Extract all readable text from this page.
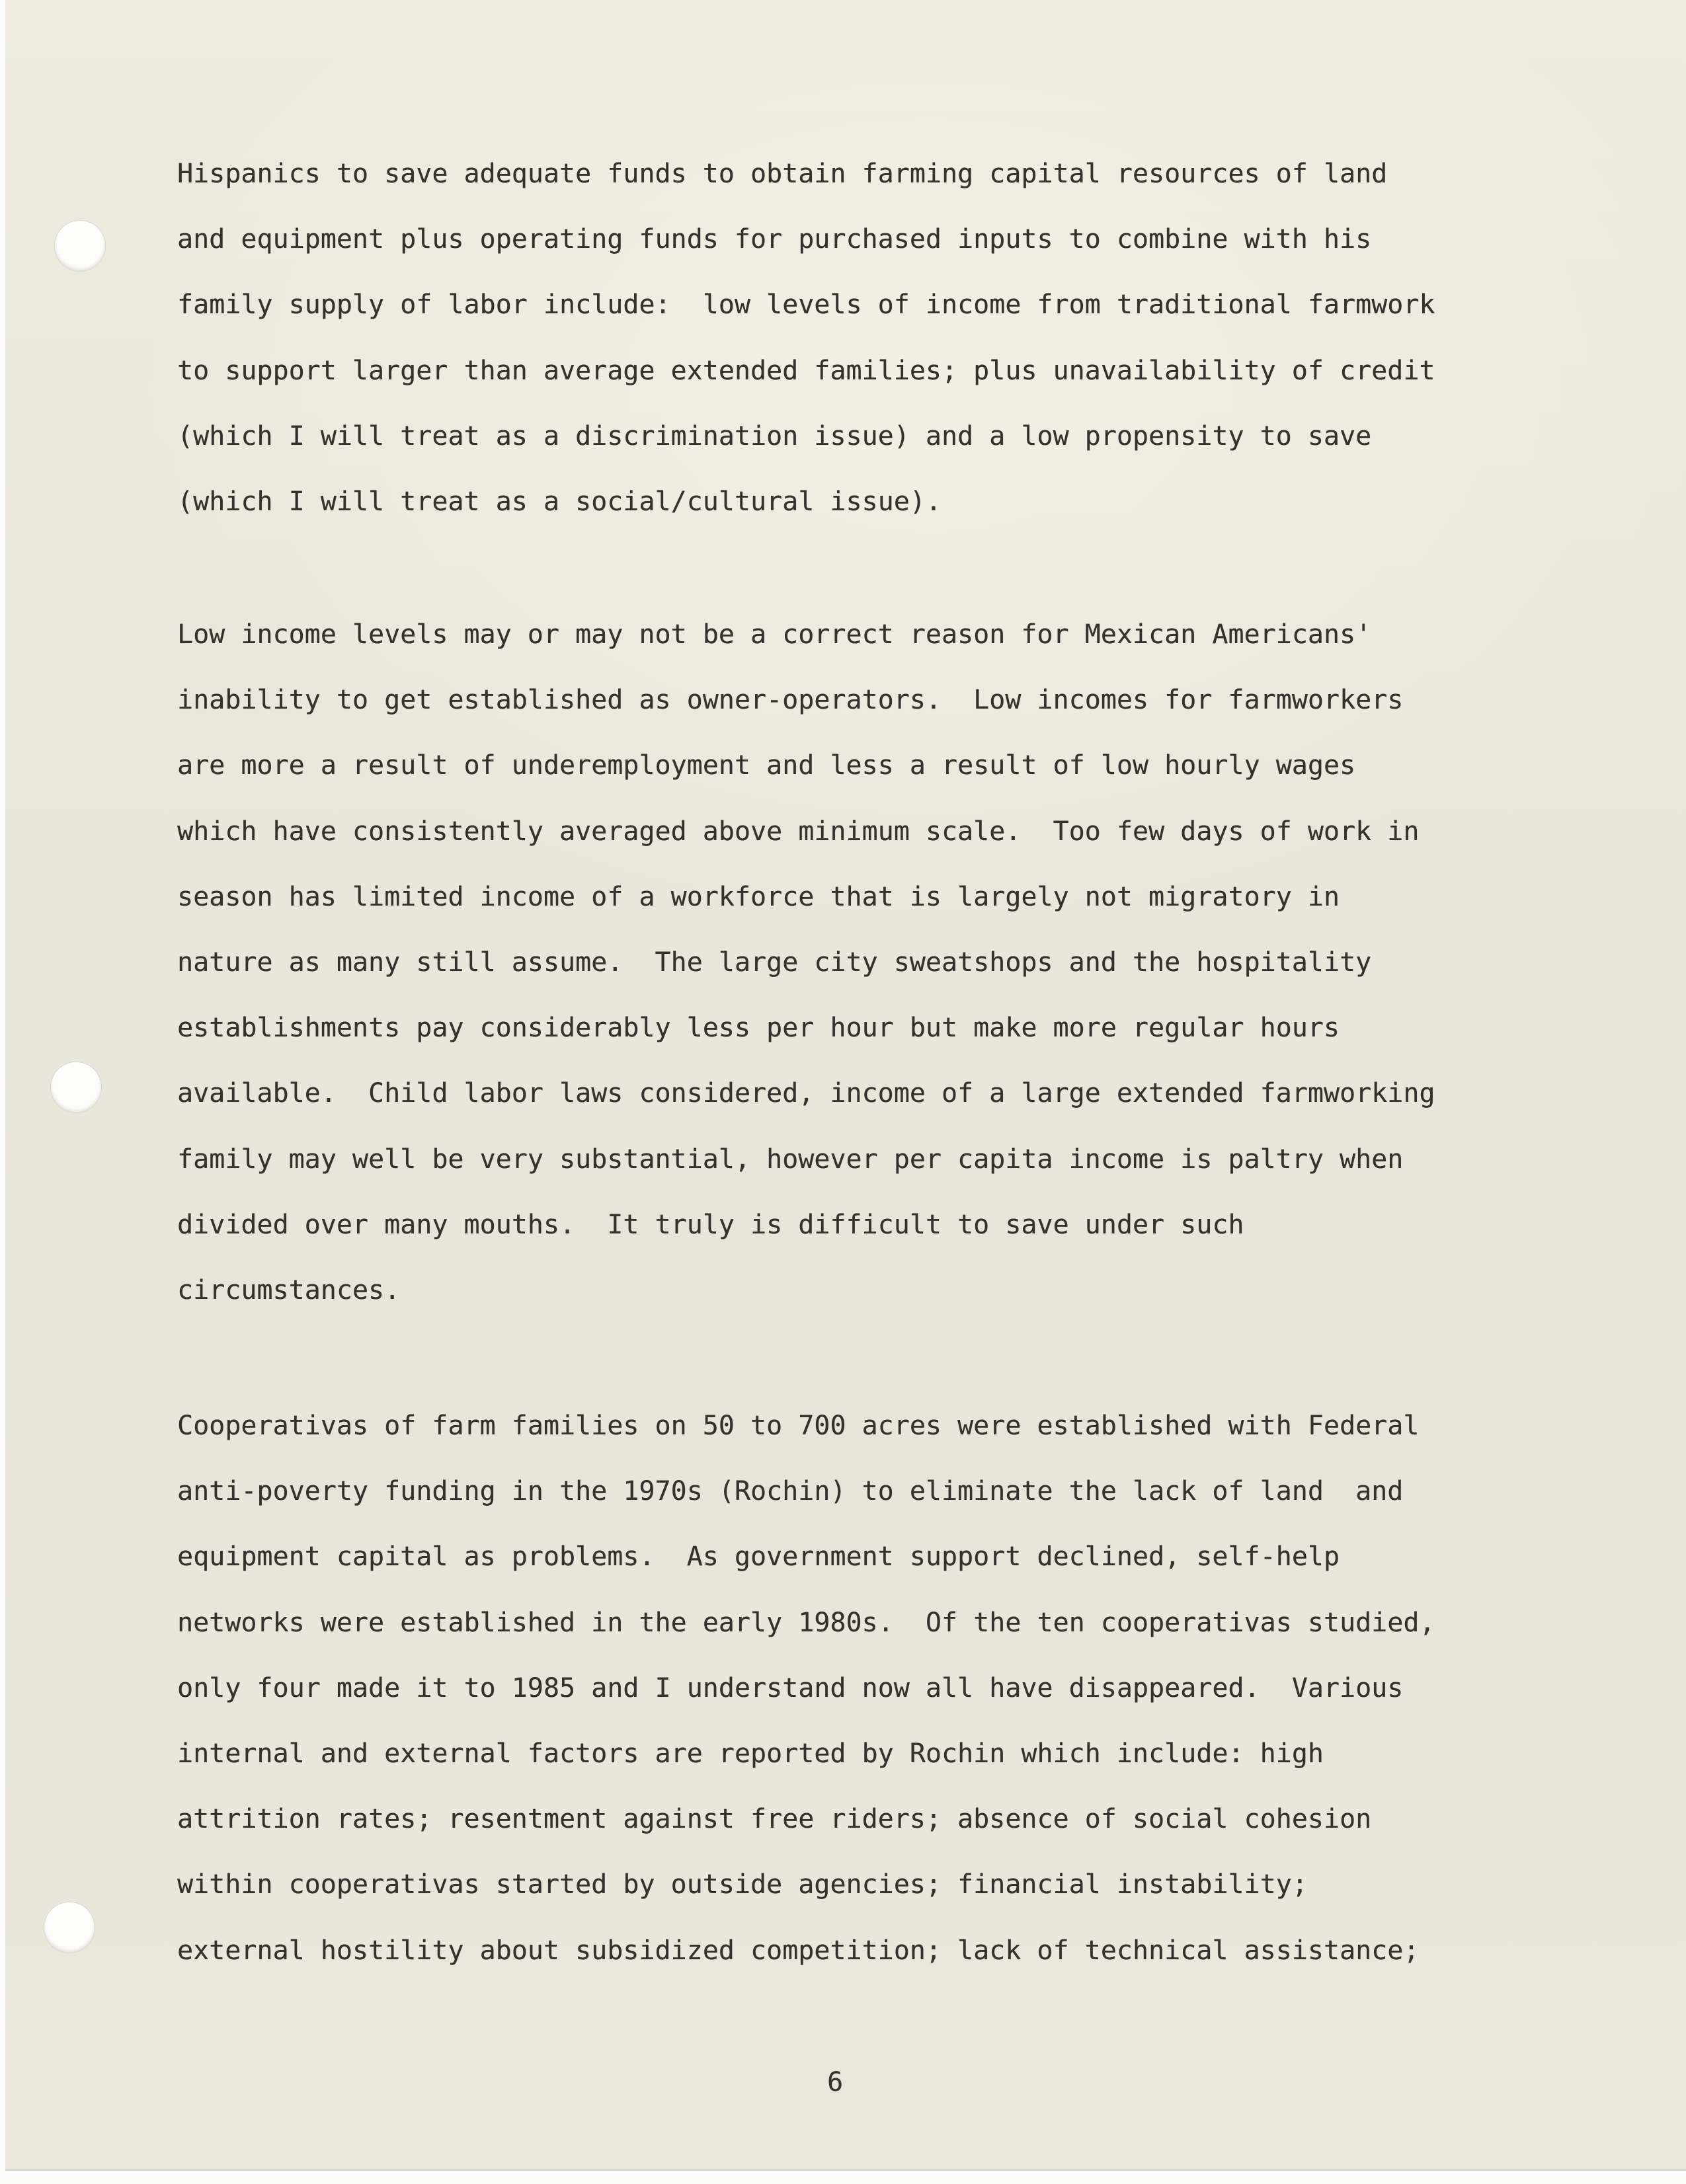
Hispanics to save adequate funds to obtain farming capital resources of land
and equipment plus operating funds for purchased inputs to combine with his
family supply of labor include:  low levels of income from traditional farmwork
to support larger than average extended families; plus unavailability of credit
(which I will treat as a discrimination issue) and a low propensity to save
(which I will treat as a social/cultural issue).
Low income levels may or may not be a correct reason for Mexican Americans'
inability to get established as owner-operators.  Low incomes for farmworkers
are more a result of underemployment and less a result of low hourly wages
which have consistently averaged above minimum scale.  Too few days of work in
season has limited income of a workforce that is largely not migratory in
nature as many still assume.  The large city sweatshops and the hospitality
establishments pay considerably less per hour but make more regular hours
available.  Child labor laws considered, income of a large extended farmworking
family may well be very substantial, however per capita income is paltry when
divided over many mouths.  It truly is difficult to save under such
circumstances.
Cooperativas of farm families on 50 to 700 acres were established with Federal
anti-poverty funding in the 1970s (Rochin) to eliminate the lack of land  and
equipment capital as problems.  As government support declined, self-help
networks were established in the early 1980s.  Of the ten cooperativas studied,
only four made it to 1985 and I understand now all have disappeared.  Various
internal and external factors are reported by Rochin which include: high
attrition rates; resentment against free riders; absence of social cohesion
within cooperativas started by outside agencies; financial instability;
external hostility about subsidized competition; lack of technical assistance;
6
